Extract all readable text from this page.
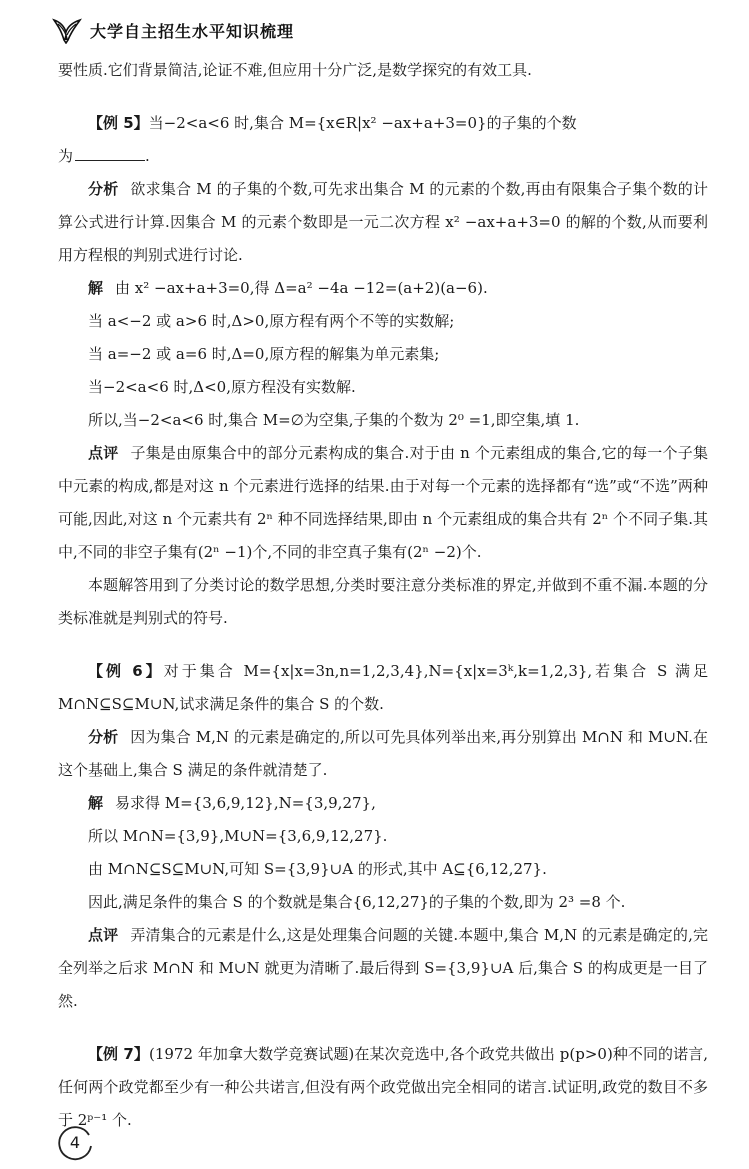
大学自主招生水平知识梳理

要性质.它们背景简洁,论证不难,但应用十分广泛,是数学探究的有效工具.

【例 5】当−2<a<6 时,集合 M={x∈R|x² −ax+a+3=0}的子集的个数

为	.

分析 欲求集合 M 的子集的个数,可先求出集合 M 的元素的个数,再由有限集合子集个数的计算公式进行计算.因集合 M 的元素个数即是一元二次方程 x² −ax+a+3=0 的解的个数,从而要利用方程根的判别式进行讨论.

解 由 x² −ax+a+3=0,得 Δ=a² −4a −12=(a+2)(a−6).

当 a<−2 或 a>6 时,Δ>0,原方程有两个不等的实数解;

当 a=−2 或 a=6 时,Δ=0,原方程的解集为单元素集;

当−2<a<6 时,Δ<0,原方程没有实数解.

所以,当−2<a<6 时,集合 M=∅为空集,子集的个数为 2⁰ =1,即空集,填 1.

点评 子集是由原集合中的部分元素构成的集合.对于由 n 个元素组成的集合,它的每一个子集中元素的构成,都是对这 n 个元素进行选择的结果.由于对每一个元素的选择都有“选”或“不选”两种可能,因此,对这 n 个元素共有 2ⁿ 种不同选择结果,即由 n 个元素组成的集合共有 2ⁿ 个不同子集.其中,不同的非空子集有(2ⁿ −1)个,不同的非空真子集有(2ⁿ −2)个.

本题解答用到了分类讨论的数学思想,分类时要注意分类标准的界定,并做到不重不漏.本题的分类标准就是判别式的符号.

【例 6】对于集合 M={x|x=3n,n=1,2,3,4},N={x|x=3ᵏ,k=1,2,3},若集合 S 满足 M∩N⊆S⊆M∪N,试求满足条件的集合 S 的个数.

分析 因为集合 M,N 的元素是确定的,所以可先具体列举出来,再分别算出 M∩N 和 M∪N.在这个基础上,集合 S 满足的条件就清楚了.

解 易求得 M={3,6,9,12},N={3,9,27},

所以 M∩N={3,9},M∪N={3,6,9,12,27}.

由 M∩N⊆S⊆M∪N,可知 S={3,9}∪A 的形式,其中 A⊆{6,12,27}.

因此,满足条件的集合 S 的个数就是集合{6,12,27}的子集的个数,即为 2³ =8 个.

点评 弄清集合的元素是什么,这是处理集合问题的关键.本题中,集合 M,N 的元素是确定的,完全列举之后求 M∩N 和 M∪N 就更为清晰了.最后得到 S={3,9}∪A 后,集合 S 的构成更是一目了然.

【例 7】(1972 年加拿大数学竞赛试题)在某次竞选中,各个政党共做出 p(p>0)种不同的诺言,任何两个政党都至少有一种公共诺言,但没有两个政党做出完全相同的诺言.试证明,政党的数目不多于 2ᵖ⁻¹ 个.

4
